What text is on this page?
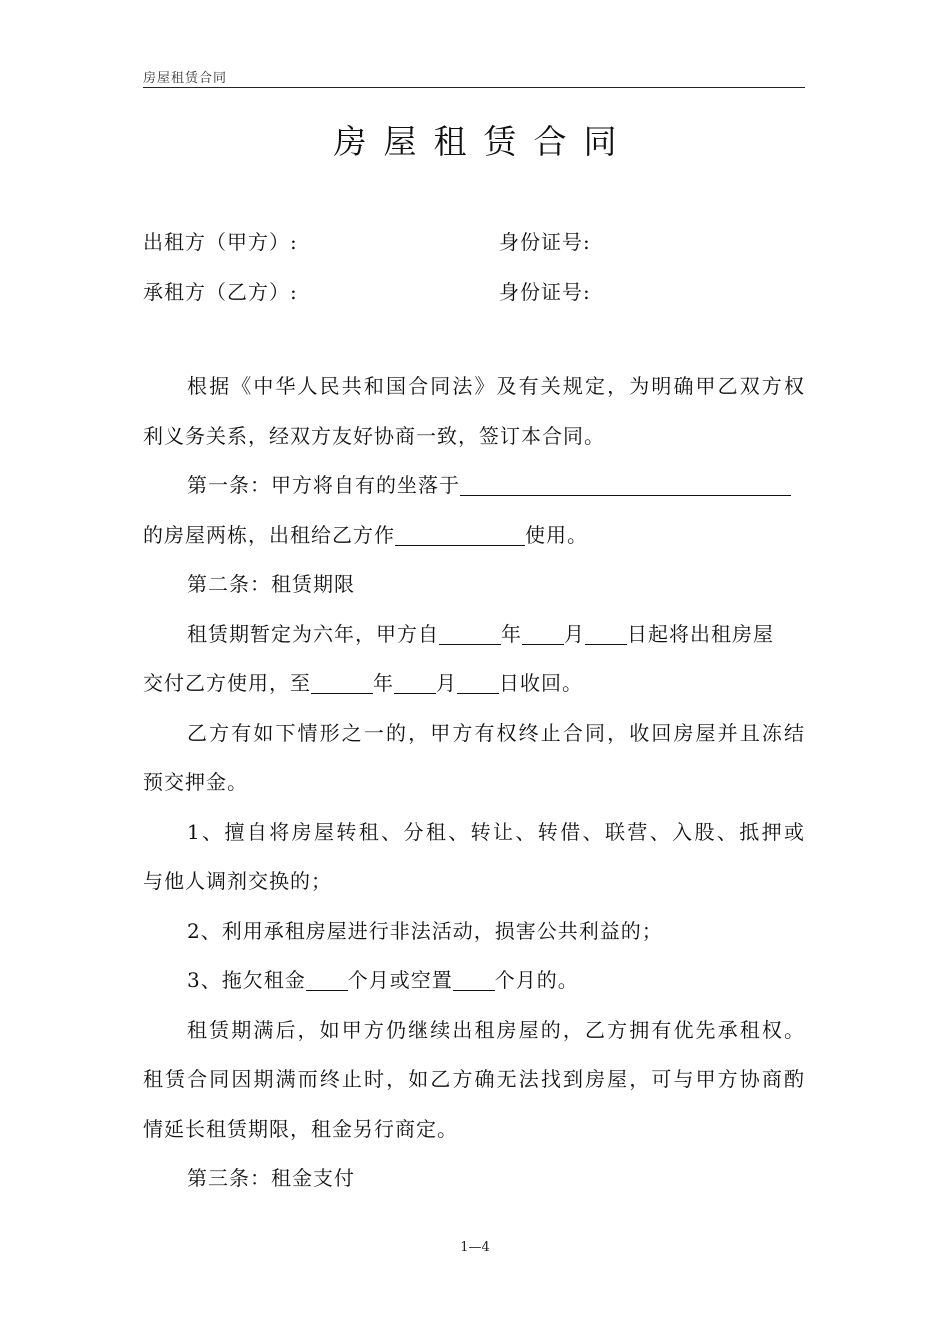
房屋租赁合同
房屋租赁合同
出租方（甲方）:	身份证号:
承租方（乙方）:	身份证号:

根据《中华人民共和国合同法》及有关规定，为明确甲乙双方权

利义务关系，经双方友好协商一致，签订本合同。

第一条：甲方将自有的坐落于

的房屋两栋，出租给乙方作	使用。

第二条：租赁期限

租赁期暂定为六年，甲方自	年 月 日起将出租房屋

交付乙方使用，至	年 月 日收回。

乙方有如下情形之一的，甲方有权终止合同，收回房屋并且冻结

预交押金。

1、擅自将房屋转租、分租、转让、转借、联营、入股、抵押或

与他人调剂交换的；

2、利用承租房屋进行非法活动，损害公共利益的；

3、拖欠租金 个月或空置 个月的。

租赁期满后，如甲方仍继续出租房屋的，乙方拥有优先承租权。

租赁合同因期满而终止时，如乙方确无法找到房屋，可与甲方协商酌

情延长租赁期限，租金另行商定。

第三条：租金支付

1—4
